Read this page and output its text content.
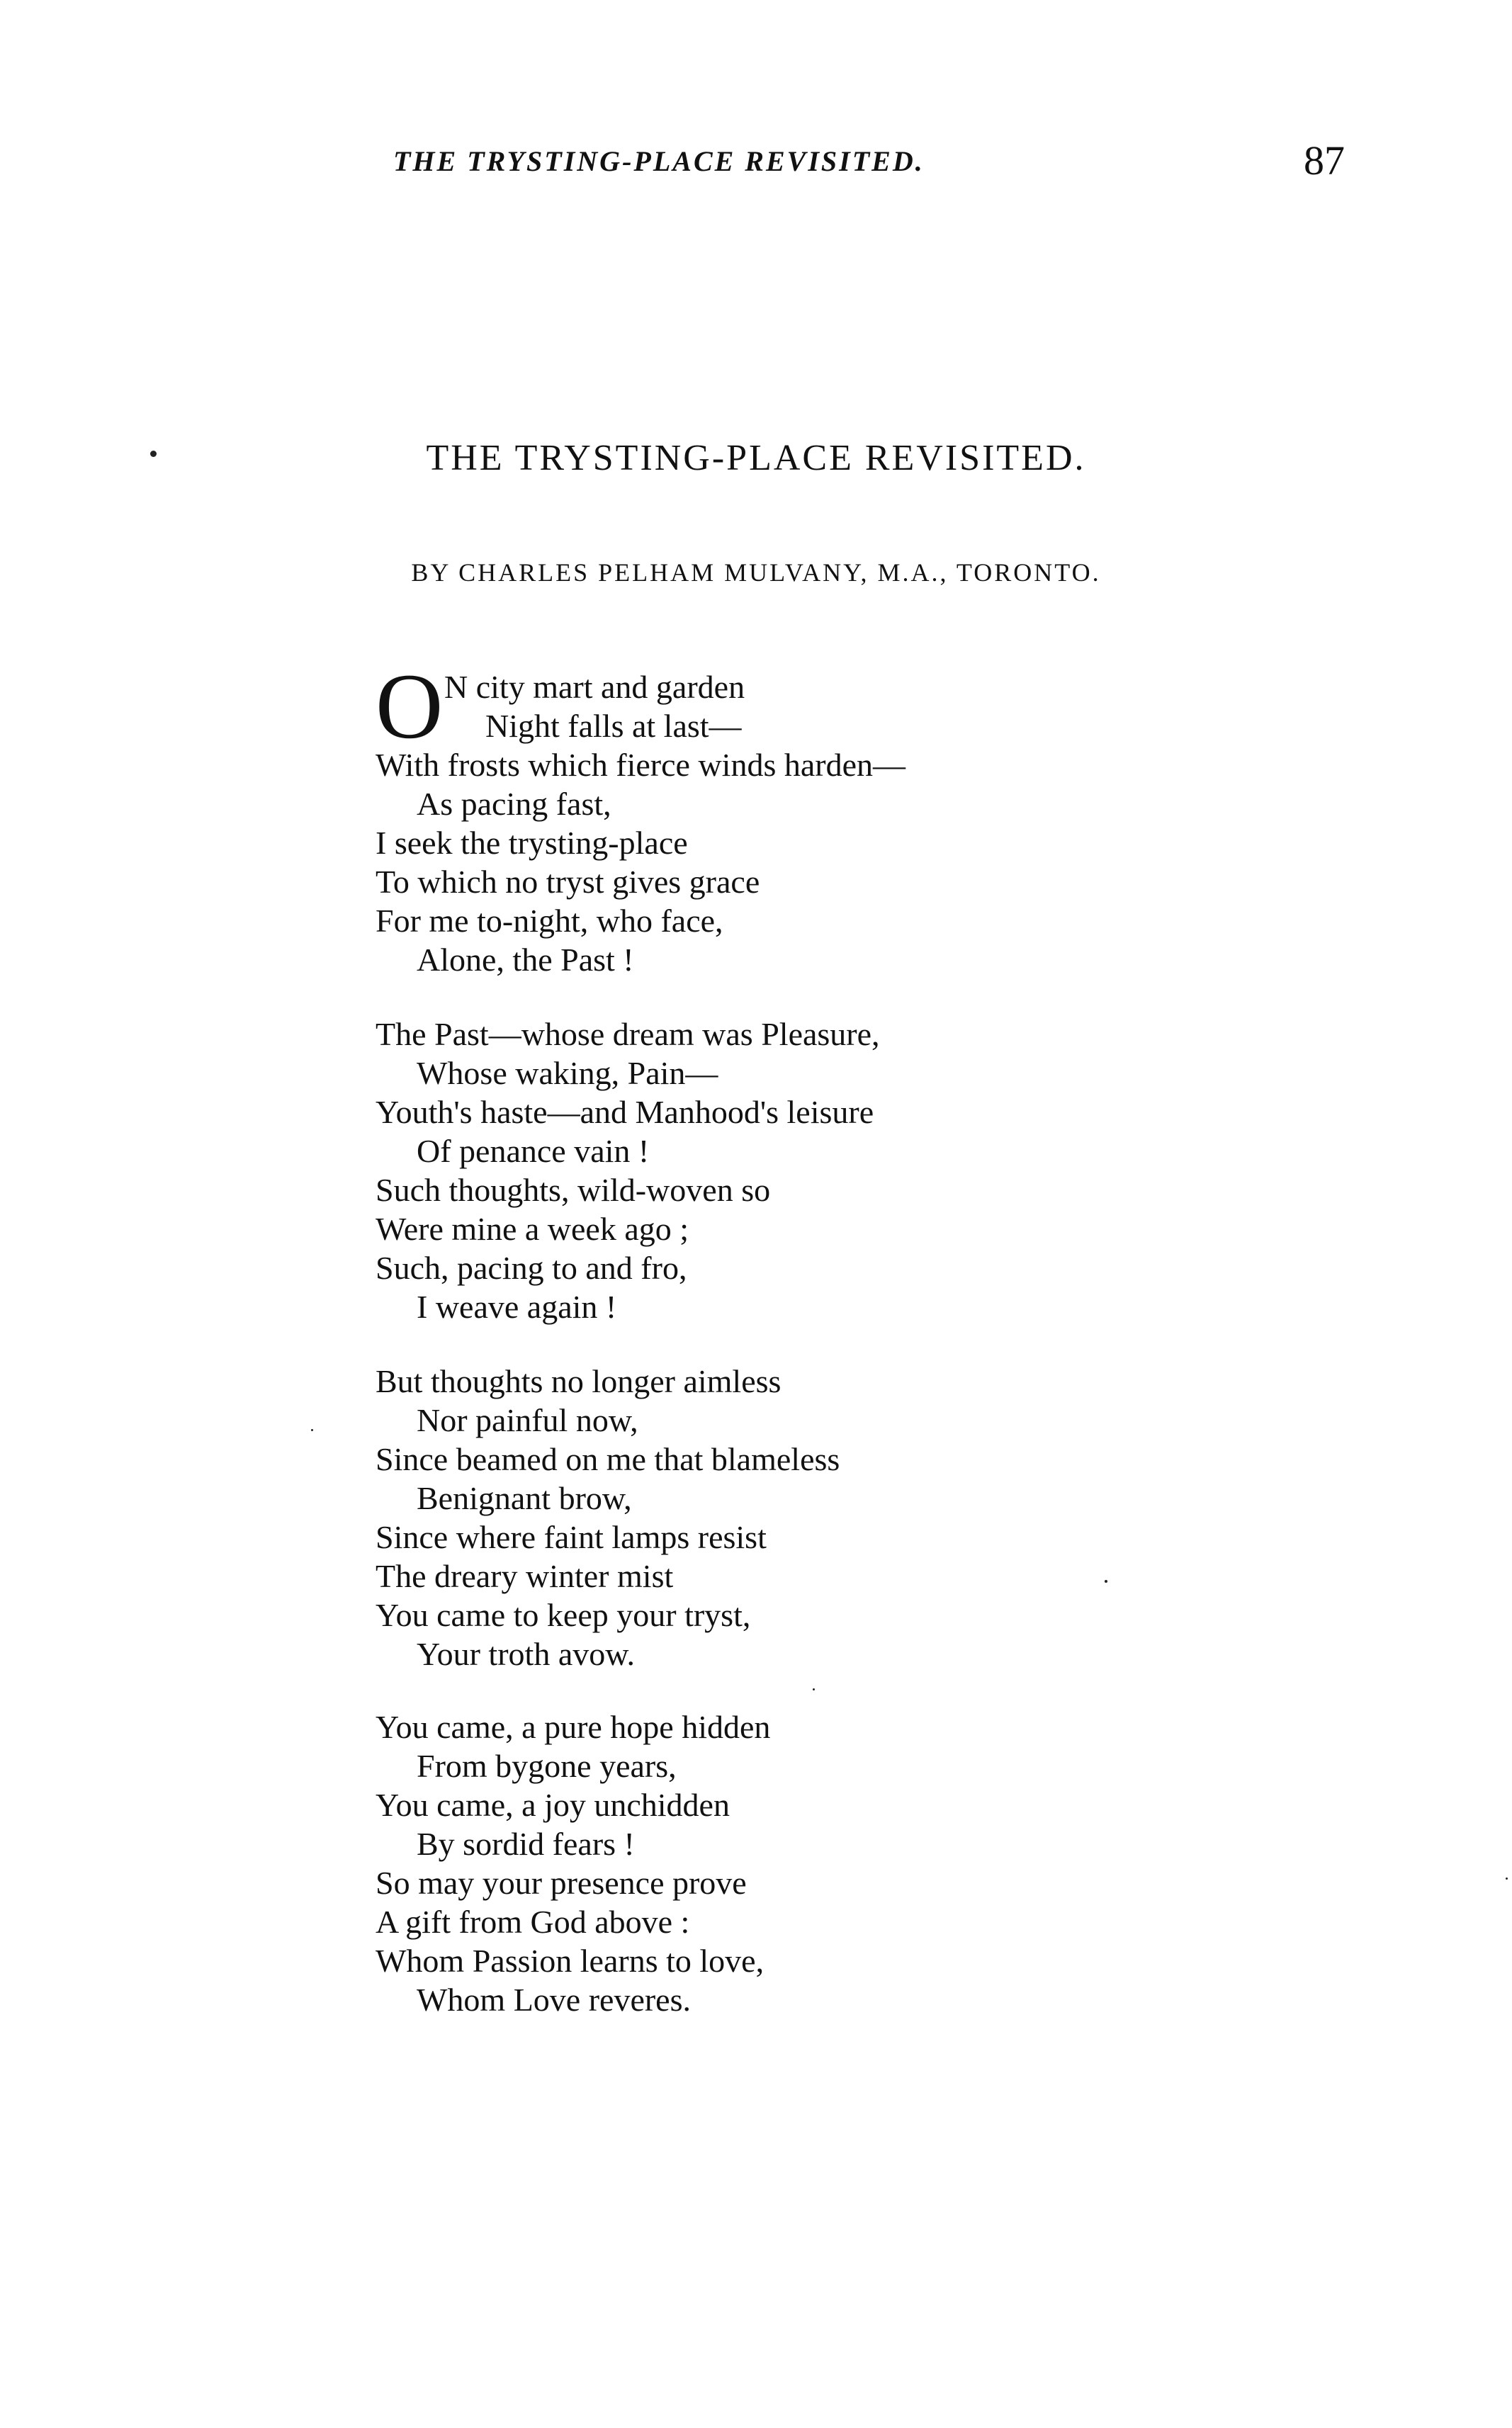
THE TRYSTING-PLACE REVISITED.	87
THE TRYSTING-PLACE REVISITED.
BY CHARLES PELHAM MULVANY, M.A., TORONTO.
O N city mart and garden
Night falls at last—
With frosts which fierce winds harden—
As pacing fast,
I seek the trysting-place
To which no tryst gives grace
For me to-night, who face,
Alone, the Past !
The Past—whose dream was Pleasure,
Whose waking, Pain—
Youth's haste—and Manhood's leisure
Of penance vain !
Such thoughts, wild-woven so
Were mine a week ago ;
Such, pacing to and fro,
I weave again !
But thoughts no longer aimless
Nor painful now,
Since beamed on me that blameless
Benignant brow,
Since where faint lamps resist
The dreary winter mist
You came to keep your tryst,
Your troth avow.
You came, a pure hope hidden
From bygone years,
You came, a joy unchidden
By sordid fears !
So may your presence prove
A gift from God above :
Whom Passion learns to love,
Whom Love reveres.
